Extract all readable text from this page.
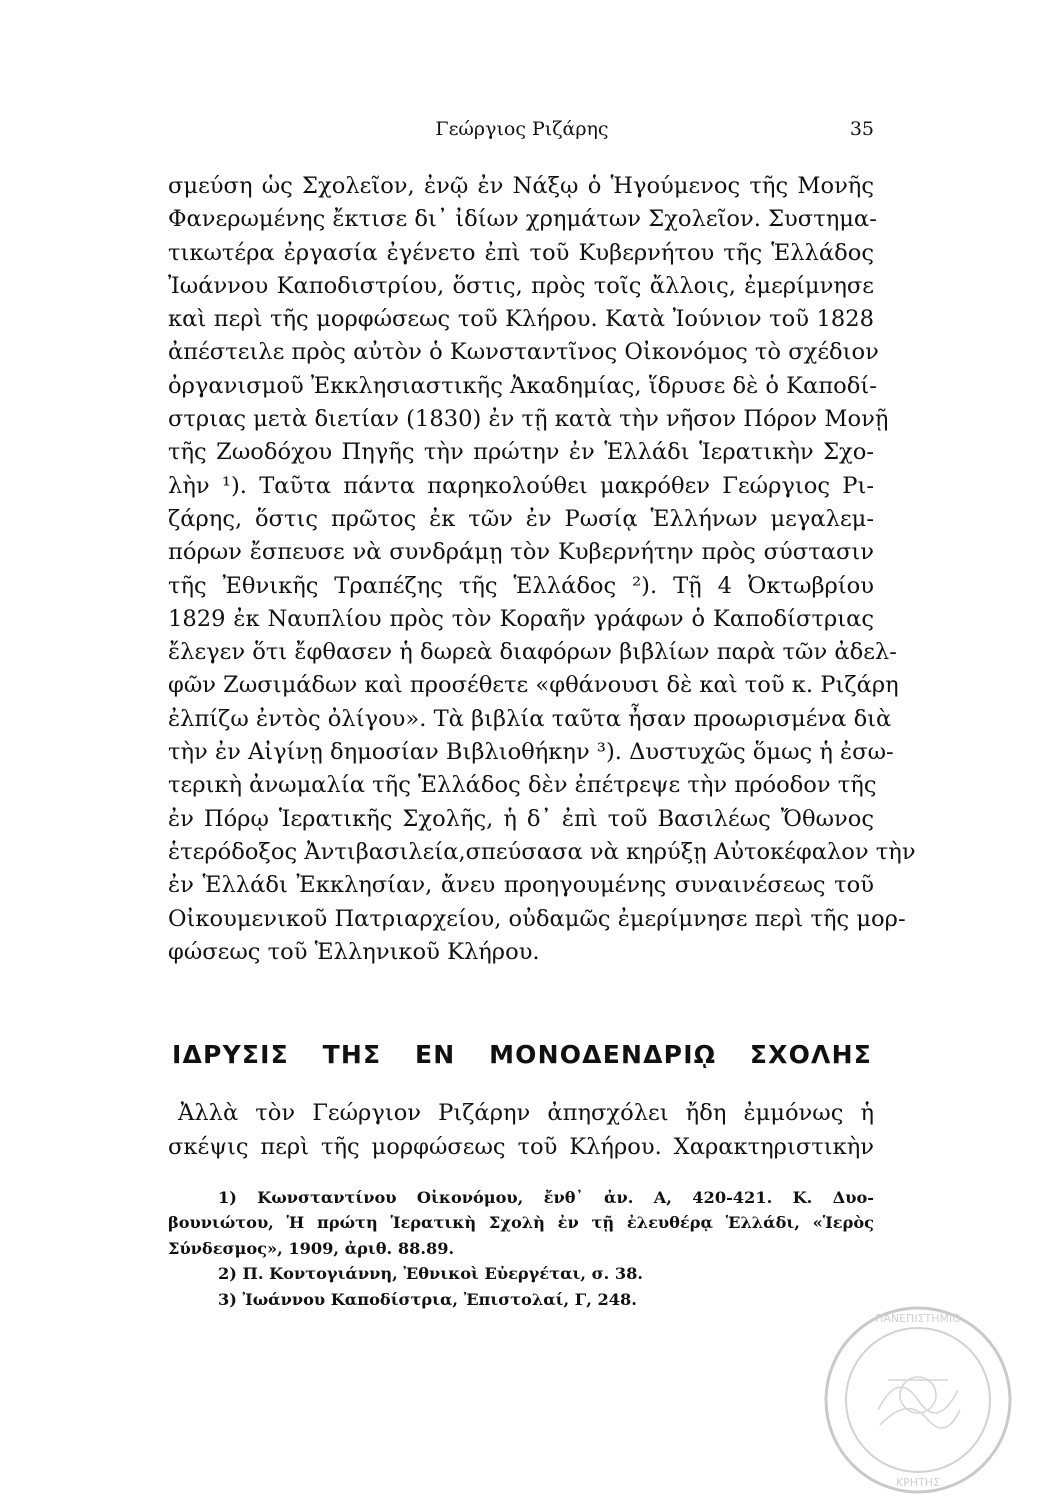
Γεώργιος Ριζάρης	35
σμεύση ὡς Σχολεῖον, ἐνῷ ἐν Νάξῳ ὁ Ἡγούμενος τῆς Μονῆς
Φανερωμένης ἔκτισε δι᾿ ἰδίων χρημάτων Σχολεῖον. Συστημα-
τικωτέρα ἐργασία ἐγένετο ἐπὶ τοῦ Κυβερνήτου τῆς Ἑλλάδος
Ἰωάννου Καποδιστρίου, ὅστις, πρὸς τοῖς ἄλλοις, ἐμερίμνησε
καὶ περὶ τῆς μορφώσεως τοῦ Κλήρου. Κατὰ Ἰούνιον τοῦ 1828
ἀπέστειλε πρὸς αὐτὸν ὁ Κωνσταντῖνος Οἰκονόμος τὸ σχέδιον
ὀργανισμοῦ Ἐκκλησιαστικῆς Ἀκαδημίας, ἵδρυσε δὲ ὁ Καποδί-
στριας μετὰ διετίαν (1830) ἐν τῇ κατὰ τὴν νῆσον Πόρον Μονῇ
τῆς Ζωοδόχου Πηγῆς τὴν πρώτην ἐν Ἑλλάδι Ἱερατικὴν Σχο-
λὴν ¹). Ταῦτα πάντα παρηκολούθει μακρόθεν Γεώργιος Ρι-
ζάρης, ὅστις πρῶτος ἐκ τῶν ἐν Ρωσίᾳ Ἑλλήνων μεγαλεμ-
πόρων ἔσπευσε νὰ συνδράμῃ τὸν Κυβερνήτην πρὸς σύστασιν
τῆς Ἐθνικῆς Τραπέζης τῆς Ἑλλάδος ²). Τῇ 4 Ὀκτωβρίου
1829 ἐκ Ναυπλίου πρὸς τὸν Κοραῆν γράφων ὁ Καποδίστριας
ἔλεγεν ὅτι ἔφθασεν ἡ δωρεὰ διαφόρων βιβλίων παρὰ τῶν ἀδελ-
φῶν Ζωσιμάδων καὶ προσέθετε «φθάνουσι δὲ καὶ τοῦ κ. Ριζάρη
ἐλπίζω ἐντὸς ὀλίγου». Τὰ βιβλία ταῦτα ἦσαν προωρισμένα διὰ
τὴν ἐν Αἰγίνῃ δημοσίαν Βιβλιοθήκην ³). Δυστυχῶς ὅμως ἡ ἐσω-
τερικὴ ἀνωμαλία τῆς Ἑλλάδος δὲν ἐπέτρεψε τὴν πρόοδον τῆς
ἐν Πόρῳ Ἱερατικῆς Σχολῆς, ἡ δ᾿ ἐπὶ τοῦ Βασιλέως Ὄθωνος
ἑτερόδοξος Ἀντιβασιλεία,σπεύσασα νὰ κηρύξῃ Αὐτοκέφαλον τὴν
ἐν Ἑλλάδι Ἐκκλησίαν, ἄνευ προηγουμένης συναινέσεως τοῦ
Οἰκουμενικοῦ Πατριαρχείου, οὐδαμῶς ἐμερίμνησε περὶ τῆς μορ-
φώσεως τοῦ Ἑλληνικοῦ Κλήρου.
ΙΔΡΥΣΙΣ ΤΗΣ ΕΝ ΜΟΝΟΔΕΝΔΡΙῼ ΣΧΟΛΗΣ
Ἀλλὰ τὸν Γεώργιον Ριζάρην ἀπησχόλει ἤδη ἐμμόνως ἡ
σκέψις περὶ τῆς μορφώσεως τοῦ Κλήρου. Χαρακτηριστικὴν
1) Κωνσταντίνου Οἰκονόμου, ἔνθ᾿ ἀν. Α, 420-421. Κ. Δυο-
βουνιώτου, Ἡ πρώτη Ἱερατικὴ Σχολὴ ἐν τῇ ἐλευθέρᾳ Ἑλλάδι, «Ἱερὸς
Σύνδεσμος», 1909, ἀριθ. 88.89.
2) Π. Κοντογιάννη, Ἐθνικοὶ Εὐεργέται, σ. 38.
3) Ἰωάννου Καποδίστρια, Ἐπιστολαί, Γ, 248.
ΠΑΝΕΠΙΣΤΗΜΙΟ
ΚΡΗΤΗΣ
